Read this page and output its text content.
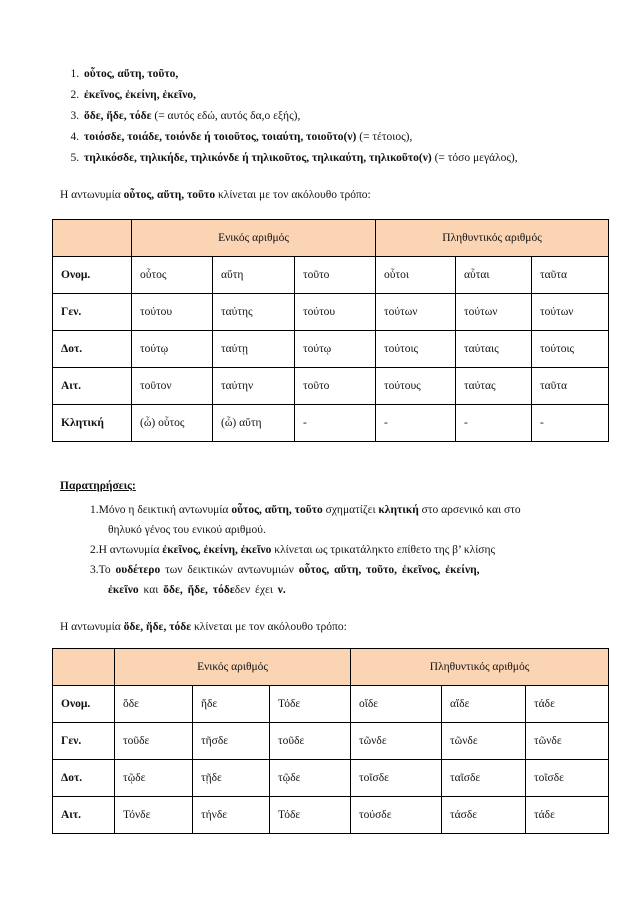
1. οὗτος, αὕτη, τοῦτο,
2. ἐκεῖνος, ἐκείνη, ἐκεῖνο,
3. ὅδε, ἥδε, τόδε (= αυτός εδώ, αυτός δα,ο εξής),
4. τοιόσδε, τοιάδε, τοιόνδε ή τοιοῦτος, τοιαύτη, τοιοῦτο(ν) (= τέτοιος),
5. τηλικόσδε, τηλικήδε, τηλικόνδε ή τηλικοῦτος, τηλικαύτη, τηλικοῦτο(ν) (= τόσο μεγάλος),
Η αντωνυμία οὗτος, αὕτη, τοῦτο κλίνεται με τον ακόλουθο τρόπο:
	Ενικός αριθμός			Πληθυντικός αριθμός		
Ονομ.	οὗτος	αὕτη	τοῦτο	οὗτοι	αὗται	ταῦτα
Γεν.	τούτου	ταύτης	τούτου	τούτων	τούτων	τούτων
Δοτ.	τούτῳ	ταύτῃ	τούτῳ	τούτοις	ταύταις	τούτοις
Αιτ.	τοῦτον	ταύτην	τοῦτο	τούτους	ταύτας	ταῦτα
Κλητική	(ὦ) οὗτος	(ὦ) αὕτη	-	-	-	-
Παρατηρήσεις:
1.Μόνο η δεικτική αντωνυμία οὗτος, αὕτη, τοῦτο σχηματίζει κλητική στο αρσενικό και στο
θηλυκό γένος του ενικού αριθμού.
2.Η αντωνυμία ἐκεῖνος, ἐκείνη, ἐκεῖνο κλίνεται ως τρικατάληκτο επίθετο της β’ κλίσης
3.Το ουδέτερο των δεικτικών αντωνυμιών οὗτος, αὕτη, τοῦτο, ἐκεῖνος, ἐκείνη,
ἐκεῖνο και ὅδε, ἥδε, τόδεδεν έχει ν.
Η αντωνυμία ὅδε, ἥδε, τόδε κλίνεται με τον ακόλουθο τρόπο:
	Ενικός αριθμός			Πληθυντικός αριθμός		
Ονομ.	ὅδε	ἥδε	Τόδε	οἵδε	αἵδε	τάδε
Γεν.	τοῦδε	τῆσδε	τοῦδε	τῶνδε	τῶνδε	τῶνδε
Δοτ.	τῷδε	τῇδε	τῷδε	τοῖσδε	ταῖσδε	τοῖσδε
Αιτ.	Τόνδε	τήνδε	Τόδε	τούσδε	τάσδε	τάδε
